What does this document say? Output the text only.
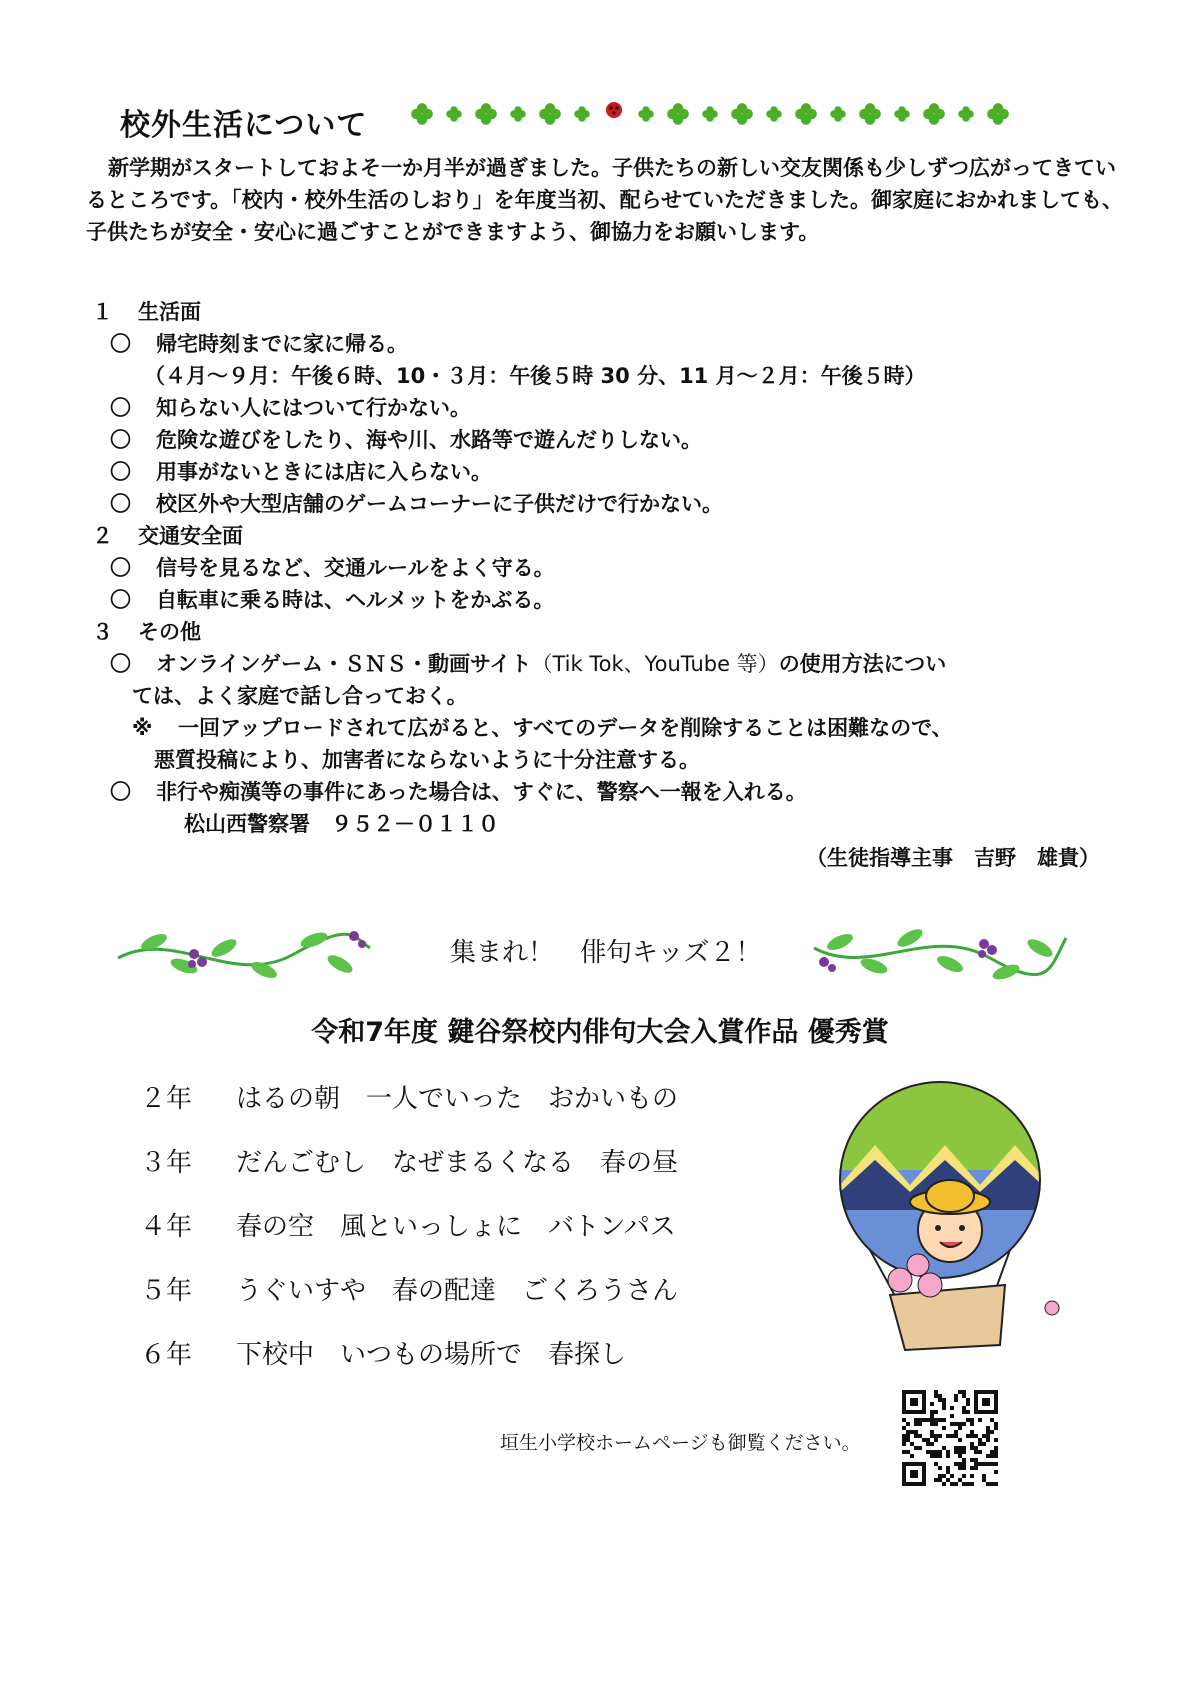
校外生活について

新学期がスタートしておよそ一か月半が過ぎました。子供たちの新しい交友関係も少しずつ広がってきているところです。「校内・校外生活のしおり」を年度当初、配らせていただきました。御家庭におかれましても、子供たちが安全・安心に過ごすことができますよう、御協力をお願いします。

１ 生活面
〇 帰宅時刻までに家に帰る。
（４月～９月：午後６時、10・３月：午後５時 30 分、11 月～２月：午後５時）
〇 知らない人にはついて行かない。
〇 危険な遊びをしたり、海や川、水路等で遊んだりしない。
〇 用事がないときには店に入らない。
〇 校区外や大型店舗のゲームコーナーに子供だけで行かない。
２ 交通安全面
〇 信号を見るなど、交通ルールをよく守る。
〇 自転車に乗る時は、ヘルメットをかぶる。
３ その他
〇 オンラインゲーム・ＳＮＳ・動画サイト（Tik Tok、YouTube 等）の使用方法につい
ては、よく家庭で話し合っておく。
※ 一回アップロードされて広がると、すべてのデータを削除することは困難なので、
悪質投稿により、加害者にならないように十分注意する。
〇 非行や痴漢等の事件にあった場合は、すぐに、警察へ一報を入れる。
松山西警察署　９５２－０１１０
（生徒指導主事　吉野　雄貴）
集まれ！　俳句キッズ２！
令和7年度 鍵谷祭校内俳句大会入賞作品 優秀賞
２年 はるの朝 一人でいった おかいもの
３年 だんごむし なぜまるくなる 春の昼
４年 春の空 風といっしょに バトンパス
５年 うぐいすや 春の配達 ごくろうさん
６年 下校中 いつもの場所で 春探し
垣生小学校ホームページも御覧ください。
